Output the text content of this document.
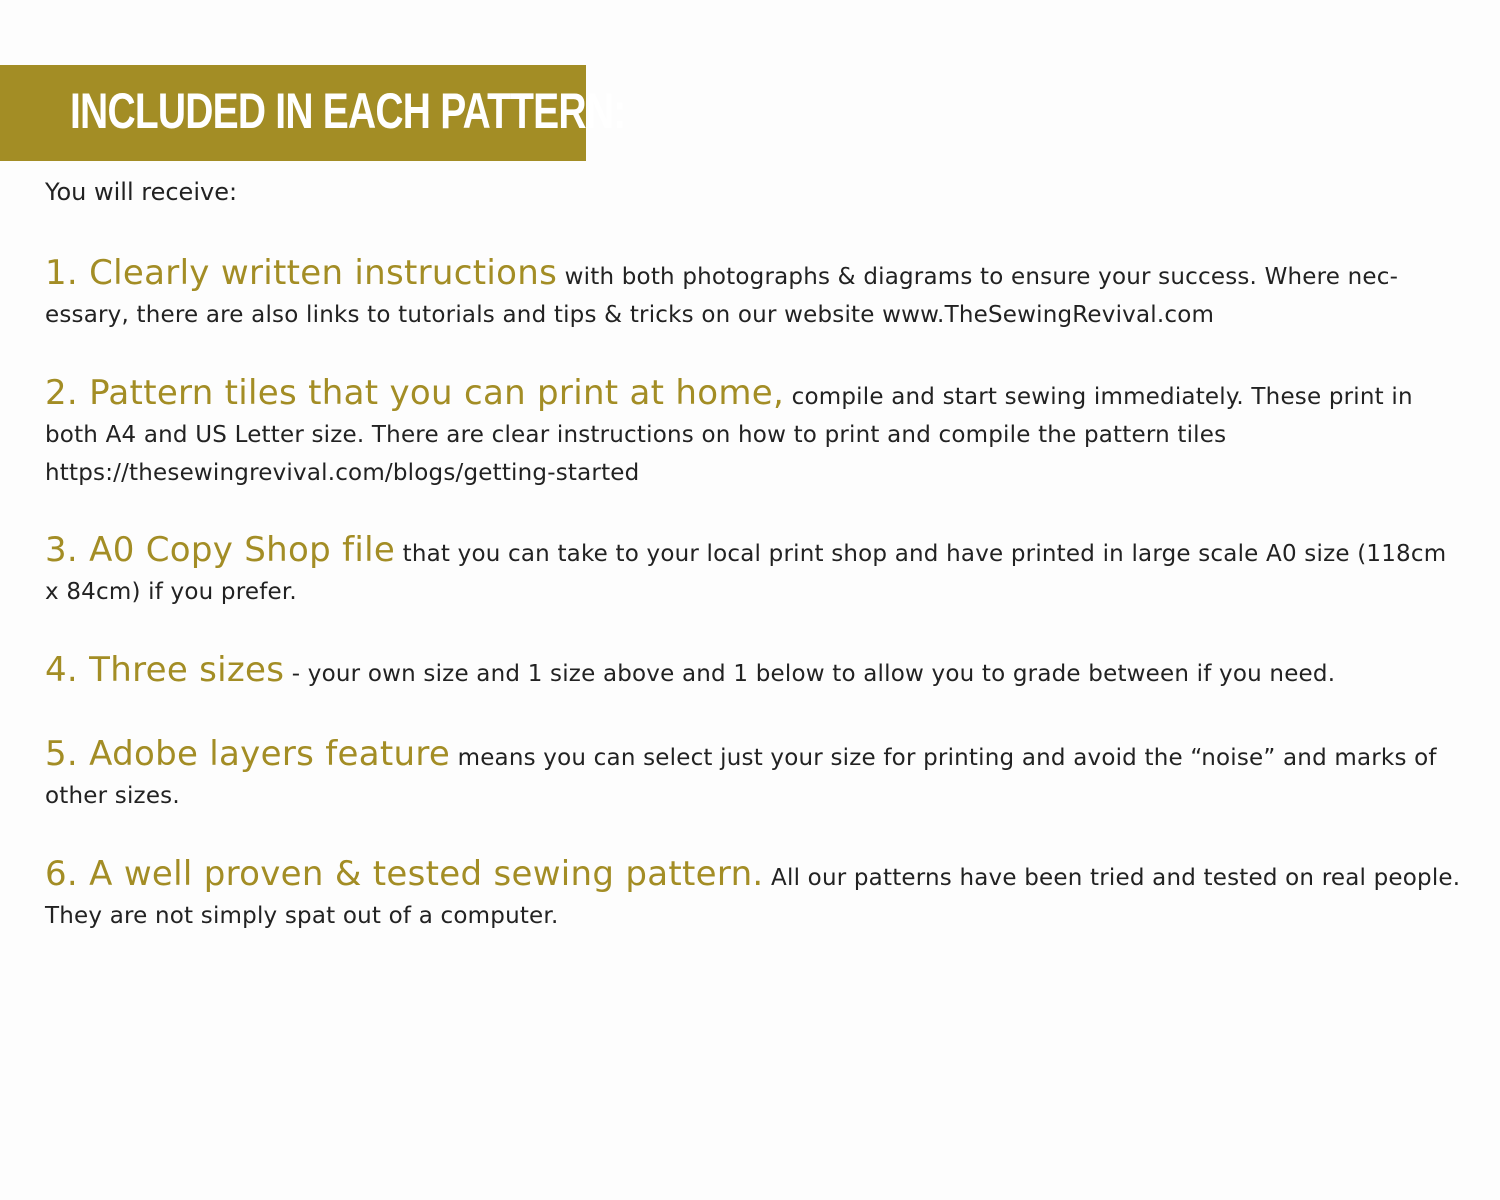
INCLUDED IN EACH PATTERN:

You will receive:

1. Clearly written instructions with both photographs & diagrams to ensure your success. Where nec-essary, there are also links to tutorials and tips & tricks on our website www.TheSewingRevival.com
2. Pattern tiles that you can print at home, compile and start sewing immediately. These print in both A4 and US Letter size. There are clear instructions on how to print and compile the pattern tiles https://thesewingrevival.com/blogs/getting-started
3. A0 Copy Shop file that you can take to your local print shop and have printed in large scale A0 size (118cm x 84cm) if you prefer.
4. Three sizes - your own size and 1 size above and 1 below to allow you to grade between if you need.
5. Adobe layers feature means you can select just your size for printing and avoid the “noise” and marks of other sizes.
6. A well proven & tested sewing pattern. All our patterns have been tried and tested on real people. They are not simply spat out of a computer.
